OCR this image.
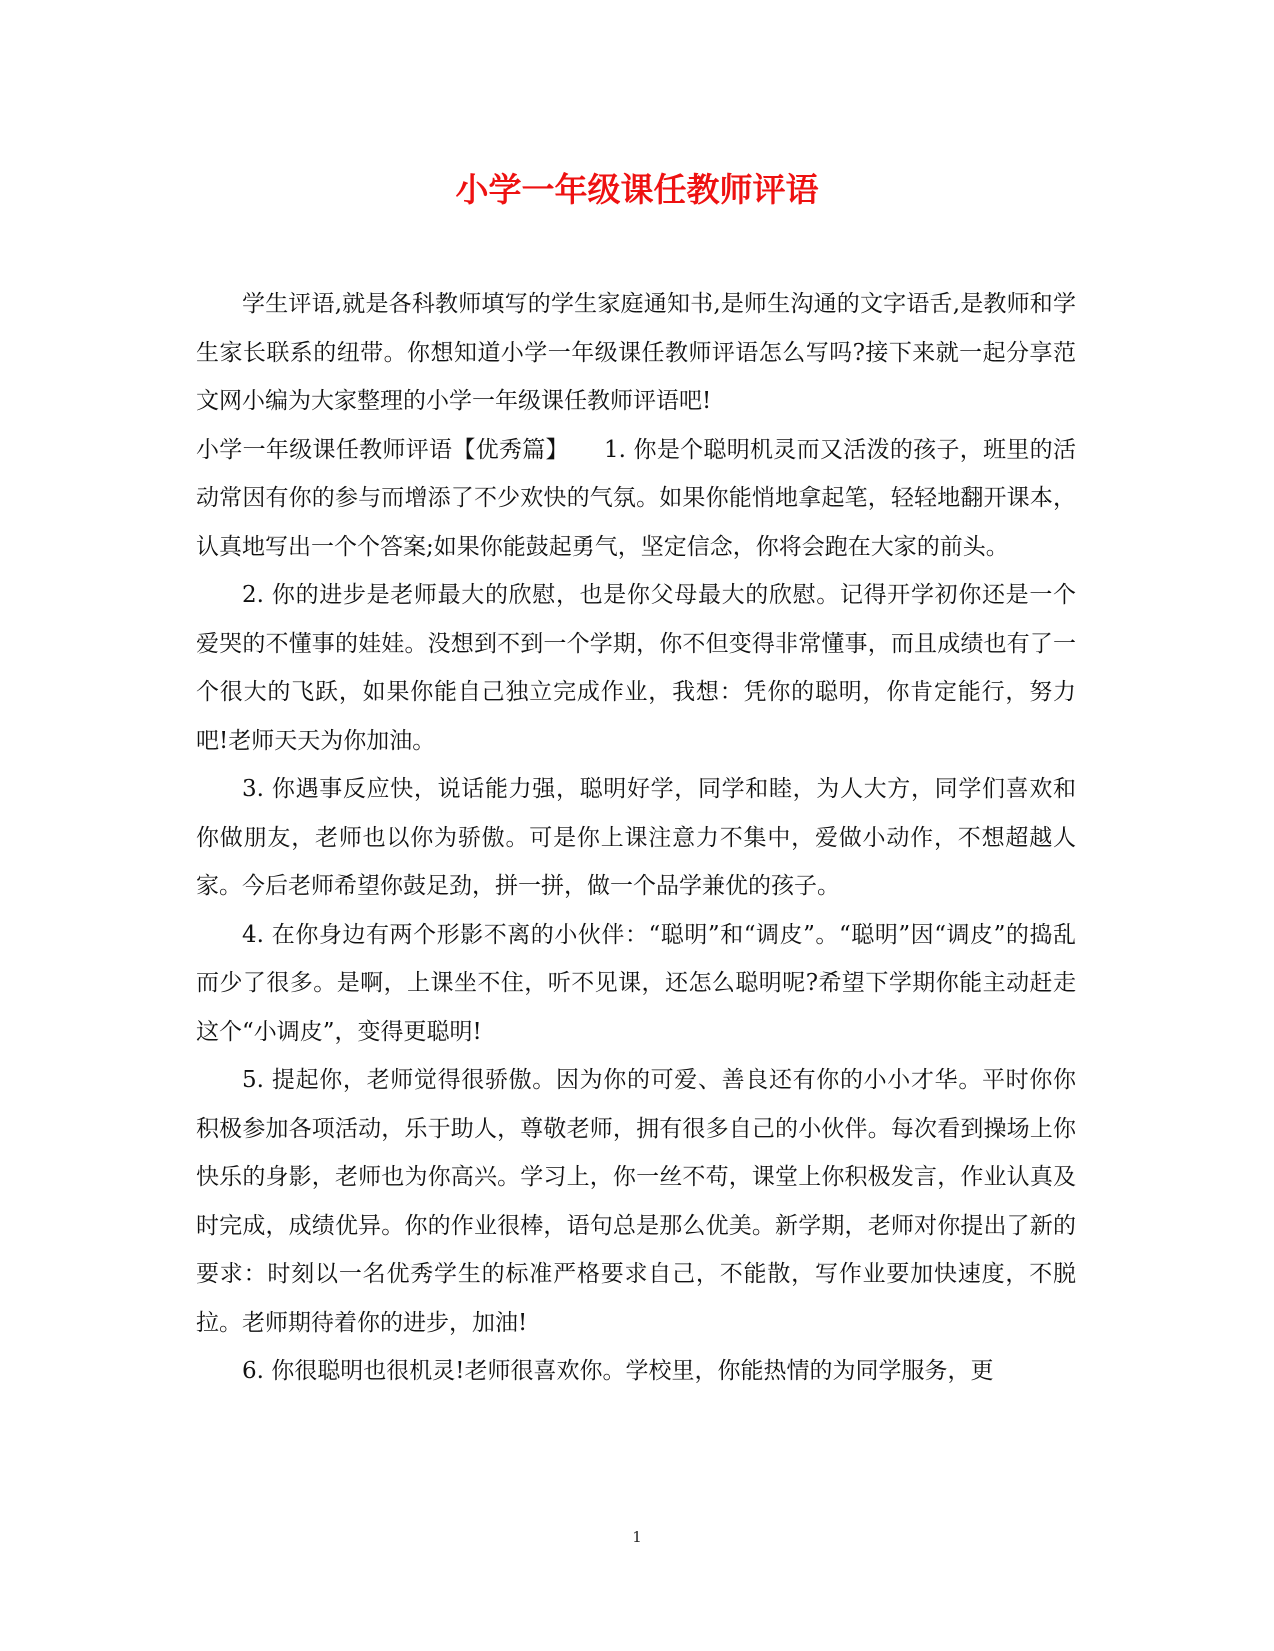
小学一年级课任教师评语

学生评语,就是各科教师填写的学生家庭通知书,是师生沟通的文字语舌,是教师和学生家长联系的纽带。你想知道小学一年级课任教师评语怎么写吗?接下来就一起分享范文网小编为大家整理的小学一年级课任教师评语吧!

小学一年级课任教师评语【优秀篇】　　1. 你是个聪明机灵而又活泼的孩子，班里的活动常因有你的参与而增添了不少欢快的气氛。如果你能悄地拿起笔，轻轻地翻开课本，认真地写出一个个答案;如果你能鼓起勇气，坚定信念，你将会跑在大家的前头。

2. 你的进步是老师最大的欣慰，也是你父母最大的欣慰。记得开学初你还是一个爱哭的不懂事的娃娃。没想到不到一个学期，你不但变得非常懂事，而且成绩也有了一个很大的飞跃，如果你能自己独立完成作业，我想：凭你的聪明，你肯定能行，努力吧!老师天天为你加油。

3. 你遇事反应快，说话能力强，聪明好学，同学和睦，为人大方，同学们喜欢和你做朋友，老师也以你为骄傲。可是你上课注意力不集中，爱做小动作，不想超越人家。今后老师希望你鼓足劲，拼一拼，做一个品学兼优的孩子。

4. 在你身边有两个形影不离的小伙伴：“聪明”和“调皮”。“聪明”因“调皮”的捣乱而少了很多。是啊，上课坐不住，听不见课，还怎么聪明呢?希望下学期你能主动赶走这个“小调皮”，变得更聪明!

5. 提起你，老师觉得很骄傲。因为你的可爱、善良还有你的小小才华。平时你你积极参加各项活动，乐于助人，尊敬老师，拥有很多自己的小伙伴。每次看到操场上你快乐的身影，老师也为你高兴。学习上，你一丝不苟，课堂上你积极发言，作业认真及时完成，成绩优异。你的作业很棒，语句总是那么优美。新学期，老师对你提出了新的要求：时刻以一名优秀学生的标准严格要求自己，不能散，写作业要加快速度，不脱拉。老师期待着你的进步，加油!

6. 你很聪明也很机灵!老师很喜欢你。学校里，你能热情的为同学服务，更

1
